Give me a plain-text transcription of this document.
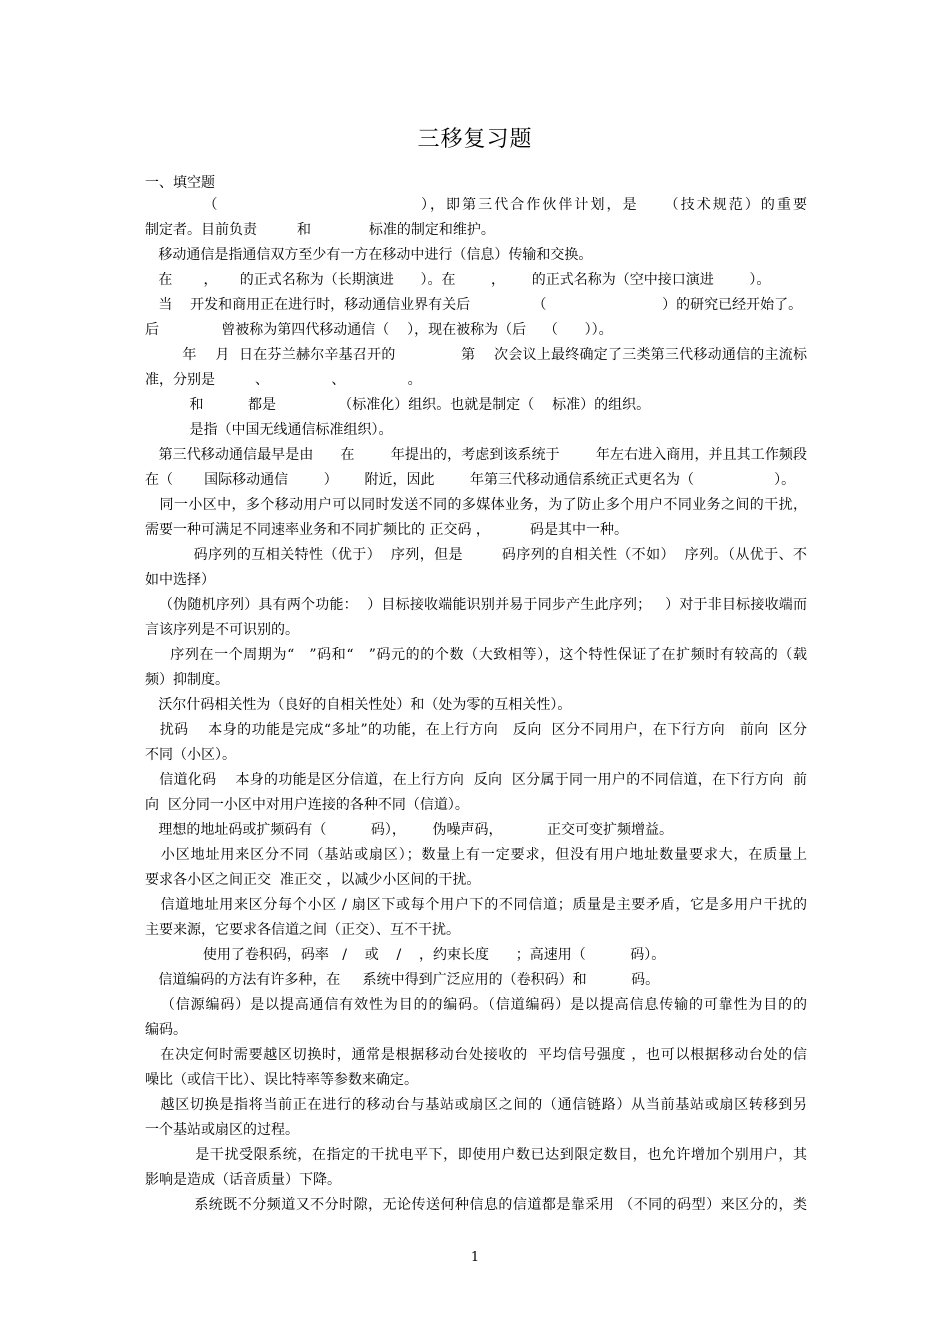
三移复习题
一、填空题
（                               ），即第三代合作伙伴计划，是    （技术规范）的重要
制定者。目前负责         和             标准的制定和维护。
移动通信是指通信双方至少有一方在移动中进行（信息）传输和交换。
在       ，     的正式名称为（长期演进      ）。在        ，      的正式名称为（空中接口演进        ）。
当    开发和商用正在进行时，移动通信业界有关后              （                          ）的研究已经开始了。
后              曾被称为第四代移动通信（    ），现在被称为（后    （      ））。
年    月  日在芬兰赫尔辛基召开的              第    次会议上最终确定了三类第三代移动通信的主流标
准，分别是         、              、              。
和          都是              （标准化）组织。也就是制定（    标准）的组织。
是指（中国无线通信标准组织）。
第三代移动通信最早是由      在        年提出的，考虑到该系统于        年左右进入商用，并且其工作频段
在（       国际移动通信        ）      附近，因此        年第三代移动通信系统正式更名为（                  ）。
同一小区中，多个移动用户可以同时发送不同的多媒体业务，为了防止多个用户不同业务之间的干扰，
需要一种可满足不同速率业务和不同扩频比的 正交码 ，         码是其中一种。
码序列的互相关特性（优于）  序列，但是        码序列的自相关性（不如）  序列。（从优于、不
如中选择）
（伪随机序列）具有两个功能：  ）目标接收端能识别并易于同步产生此序列；   ）对于非目标接收端而
言该序列是不可识别的。
序列在一个周期为“   ”码和“   ”码元的的个数（大致相等），这个特性保证了在扩频时有较高的（载
频）抑制度。
沃尔什码相关性为（良好的自相关性处）和（处为零的互相关性）。
扰码    本身的功能是完成“多址”的功能，在上行方向   反向  区分不同用户，在下行方向   前向  区分
不同（小区）。
信道化码    本身的功能是区分信道，在上行方向  反向  区分属于同一用户的不同信道，在下行方向  前
向  区分同一小区中对用户连接的各种不同（信道）。
理想的地址码或扩频码有（          码），      伪噪声码，          正交可变扩频增益。
小区地址用来区分不同（基站或扇区）；数量上有一定要求，但没有用户地址数量要求大，在质量上
要求各小区之间正交  准正交 ，以减少小区间的干扰。
信道地址用来区分每个小区 / 扇区下或每个用户下的不同信道；质量是主要矛盾，它是多用户干扰的
主要来源，它要求各信道之间（正交）、互不干扰。
使用了卷积码，码率   /    或    /    ，约束长度      ；高速用（          码）。
信道编码的方法有许多种，在     系统中得到广泛应用的（卷积码）和          码。
（信源编码）是以提高通信有效性为目的的编码。（信道编码）是以提高信息传输的可靠性为目的的
编码。
在决定何时需要越区切换时，通常是根据移动台处接收的  平均信号强度 ，也可以根据移动台处的信
噪比（或信干比）、误比特率等参数来确定。
越区切换是指将当前正在进行的移动台与基站或扇区之间的（通信链路）从当前基站或扇区转移到另
一个基站或扇区的过程。
是干扰受限系统，在指定的干扰电平下，即使用户数已达到限定数目，也允许增加个别用户，其
影响是造成（话音质量）下降。
系统既不分频道又不分时隙，无论传送何种信息的信道都是靠采用 （不同的码型）来区分的，类
1
